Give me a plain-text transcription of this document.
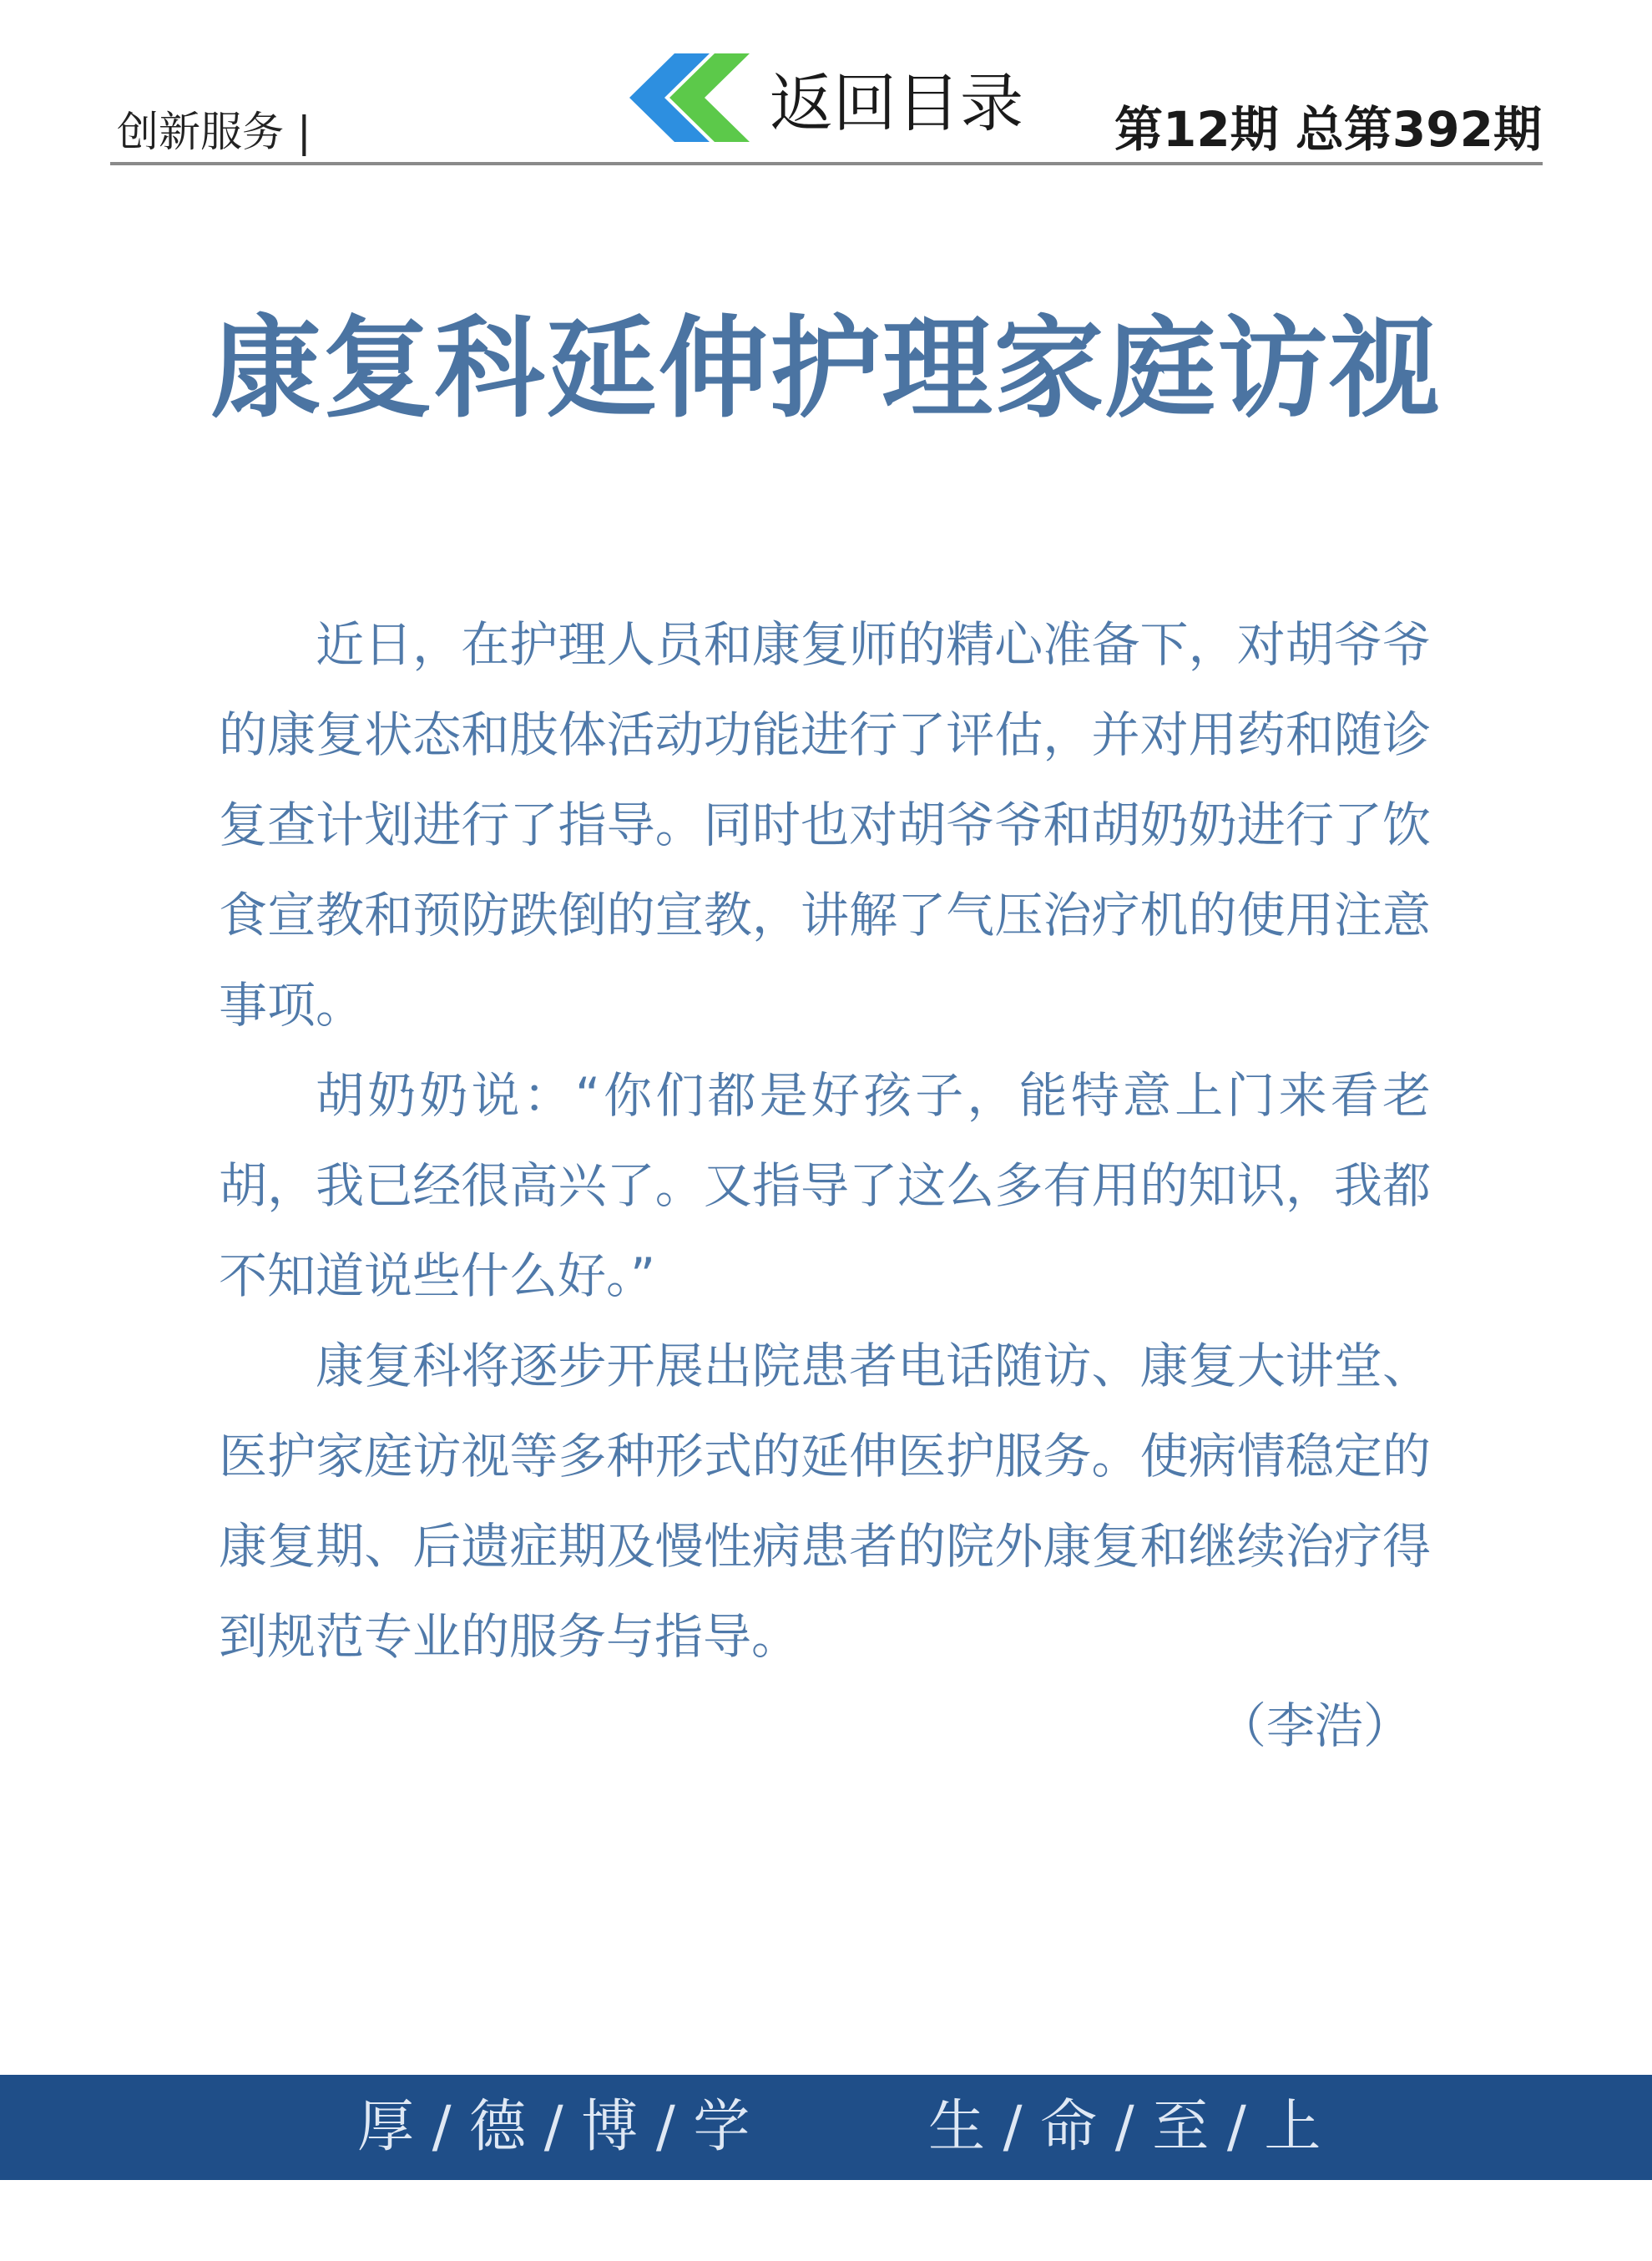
创新服务 |	返回目录 第12期 总第392期
康复科延伸护理家庭访视

近日，在护理人员和康复师的精心准备下，对胡爷爷的康复状态和肢体活动功能进行了评估，并对用药和随诊复查计划进行了指导。同时也对胡爷爷和胡奶奶进行了饮食宣教和预防跌倒的宣教，讲解了气压治疗机的使用注意事项。

胡奶奶说：“你们都是好孩子，能特意上门来看老胡，我已经很高兴了。又指导了这么多有用的知识，我都不知道说些什么好。”

康复科将逐步开展出院患者电话随访、康复大讲堂、医护家庭访视等多种形式的延伸医护服务。使病情稳定的康复期、后遗症期及慢性病患者的院外康复和继续治疗得到规范专业的服务与指导。

（李浩）
厚 / 德 / 博 / 学	生 / 命 / 至 / 上
